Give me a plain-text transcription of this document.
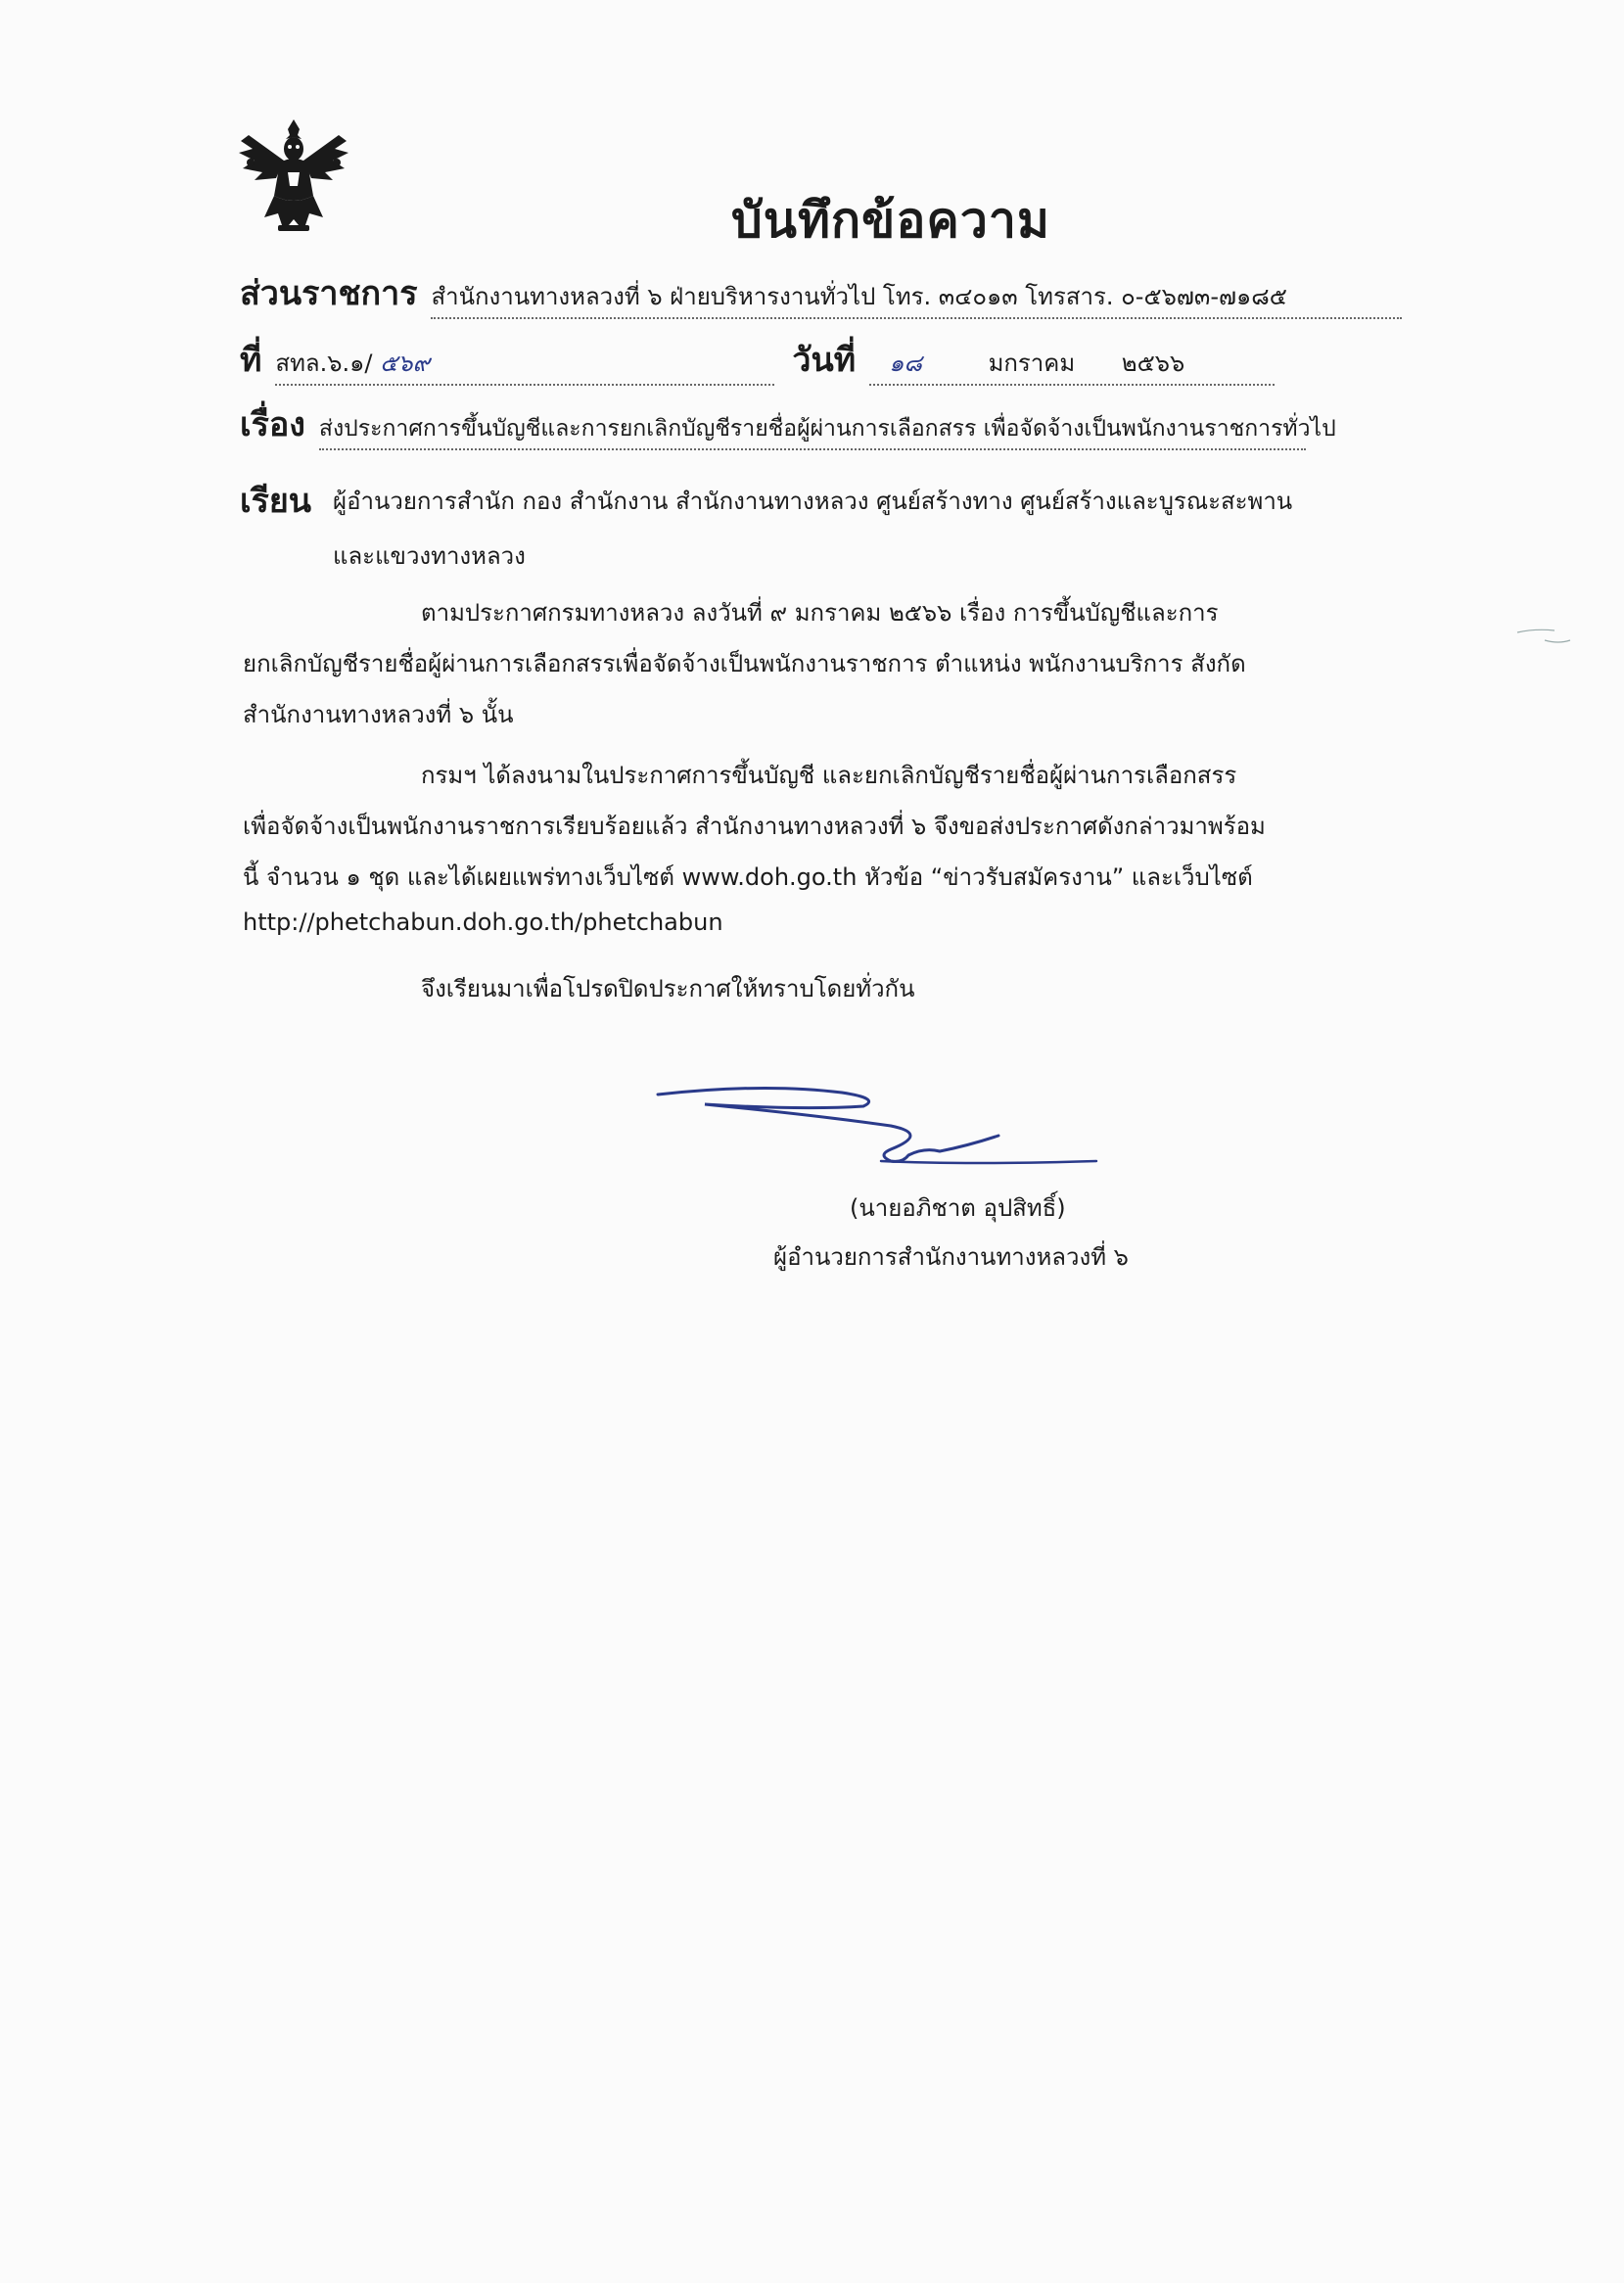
บันทึกข้อความ
ส่วนราชการ สำนักงานทางหลวงที่ ๖ ฝ่ายบริหารงานทั่วไป โทร. ๓๔๐๑๓ โทรสาร. ๐-๕๖๗๓-๗๑๘๕
ที่ สทล.๖.๑/ ๕๖๙	วันที่	๑๘	มกราคม ๒๕๖๖
เรื่อง ส่งประกาศการขึ้นบัญชีและการยกเลิกบัญชีรายชื่อผู้ผ่านการเลือกสรร เพื่อจัดจ้างเป็นพนักงานราชการทั่วไป
เรียน ผู้อำนวยการสำนัก กอง สำนักงาน สำนักงานทางหลวง ศูนย์สร้างทาง ศูนย์สร้างและบูรณะสะพาน
และแขวงทางหลวง
ตามประกาศกรมทางหลวง ลงวันที่ ๙ มกราคม ๒๕๖๖ เรื่อง การขึ้นบัญชีและการ
ยกเลิกบัญชีรายชื่อผู้ผ่านการเลือกสรรเพื่อจัดจ้างเป็นพนักงานราชการ ตำแหน่ง พนักงานบริการ สังกัด
สำนักงานทางหลวงที่ ๖ นั้น
กรมฯ ได้ลงนามในประกาศการขึ้นบัญชี และยกเลิกบัญชีรายชื่อผู้ผ่านการเลือกสรร
เพื่อจัดจ้างเป็นพนักงานราชการเรียบร้อยแล้ว สำนักงานทางหลวงที่ ๖ จึงขอส่งประกาศดังกล่าวมาพร้อม
นี้ จำนวน ๑ ชุด และได้เผยแพร่ทางเว็บไซต์ www.doh.go.th หัวข้อ “ข่าวรับสมัครงาน” และเว็บไซต์
http://phetchabun.doh.go.th/phetchabun
จึงเรียนมาเพื่อโปรดปิดประกาศให้ทราบโดยทั่วกัน
(นายอภิชาต อุปสิทธิ์)
ผู้อำนวยการสำนักงานทางหลวงที่ ๖
